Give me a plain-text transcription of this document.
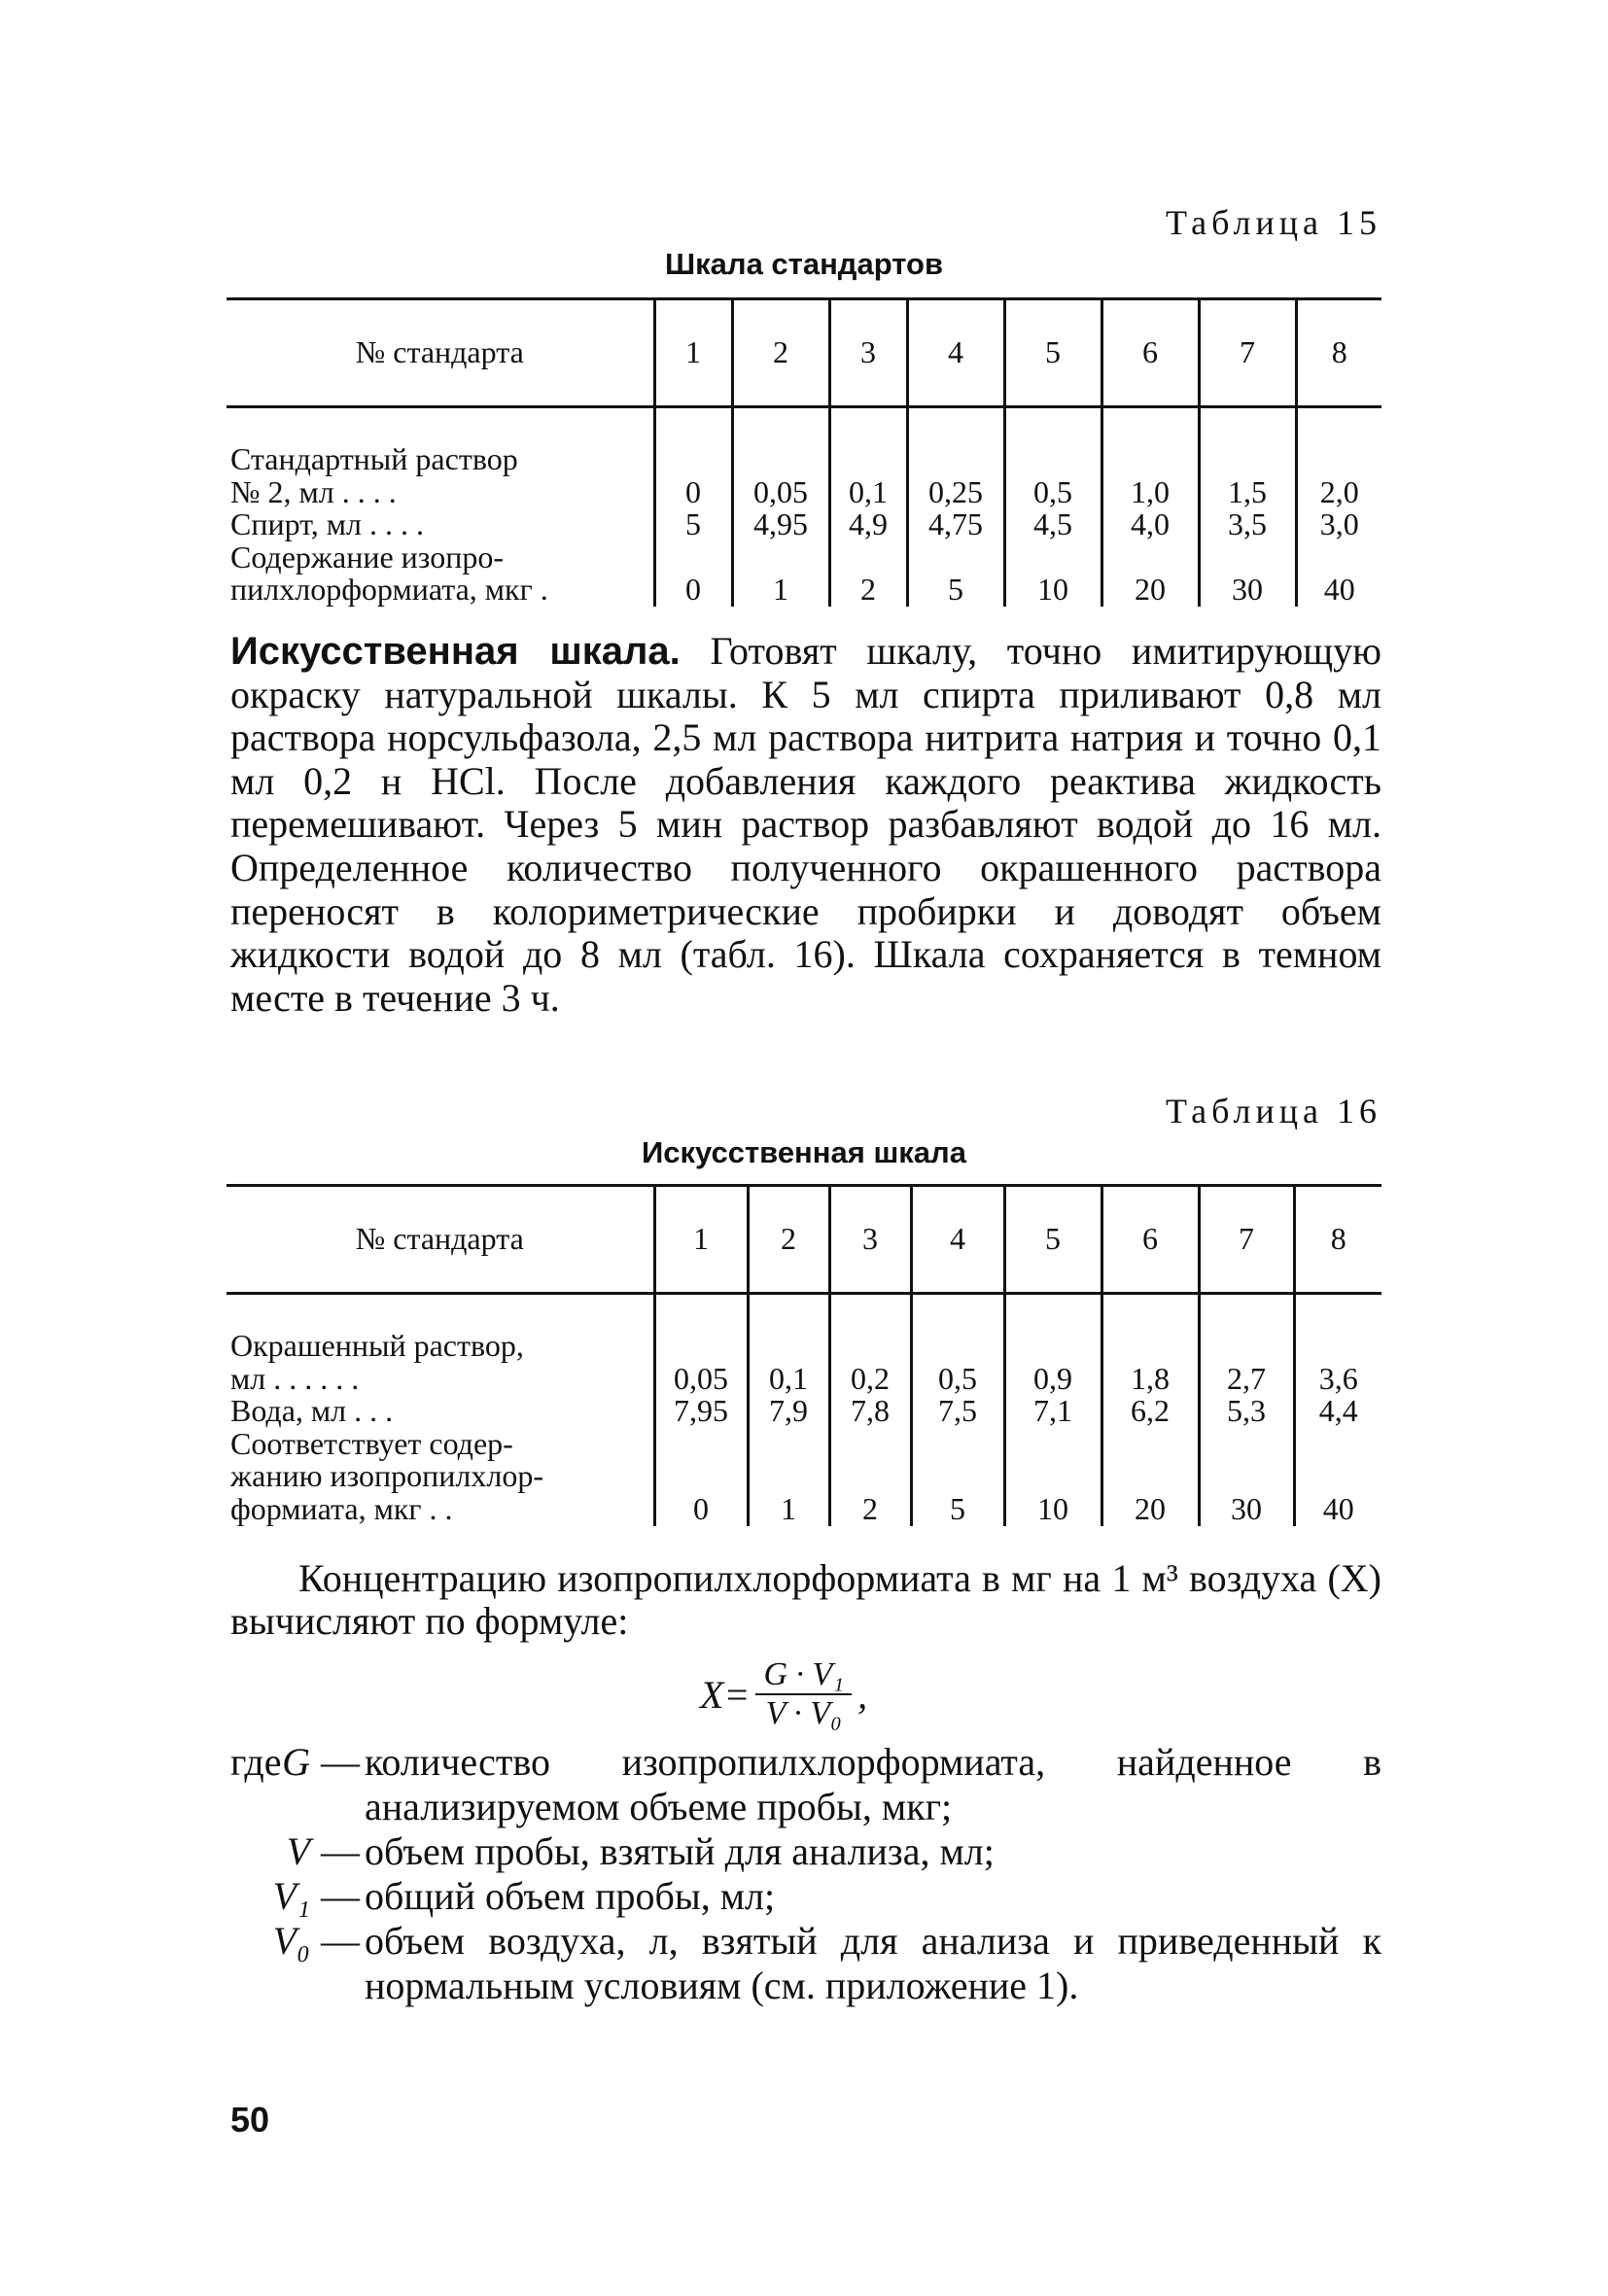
Таблица 15
Шкала стандартов
№ стандарта	1	2	3	4	5	6	7	8

Стандартный раствор
№ 2, мл . . . .	0	0,05	0,1	0,25	0,5	1,0	1,5	2,0
Спирт, мл . . . .	5	4,95	4,9	4,75	4,5	4,0	3,5	3,0

Содержание изопро-
пилхлорформиата, мкг .	0	1	2	5	10	20	30	40
Искусственная шкала. Готовят шкалу, точно имитирующую окраску натуральной шкалы. К 5 мл спирта приливают 0,8 мл раствора норсульфазола, 2,5 мл раствора нитрита натрия и точно 0,1 мл 0,2 н HCl. После добавления каждого реактива жидкость перемешивают. Через 5 мин раствор разбавляют водой до 16 мл. Определенное количество полученного окрашенного раствора переносят в колориметрические пробирки и доводят объем жидкости водой до 8 мл (табл. 16). Шкала сохраняется в темном месте в течение 3 ч.
Таблица 16
Искусственная шкала
№ стандарта	1	2	3	4	5	6	7	8

Окрашенный раствор,
мл . . . . . .	0,05	0,1	0,2	0,5	0,9	1,8	2,7	3,6
Вода, мл . . .	7,95	7,9	7,8	7,5	7,1	6,2	5,3	4,4

Соответствует содер-
жанию изопропилхлор-
формиата, мкг . .	0	1	2	5	10	20	30	40
Концентрацию изопропилхлорформиата в мг на 1 м³ воздуха (X) вычисляют по формуле:
$X= \frac{\text{G · V₁}}{\text{V · V₀}}$ ,
где G — количество изопропилхлорформиата, найденное в анализируемом объеме пробы, мкг;
V — объем пробы, взятый для анализа, мл;
V₁ — общий объем пробы, мл;
V₀ — объем воздуха, л, взятый для анализа и приведенный к нормальным условиям (см. приложение 1).
50
